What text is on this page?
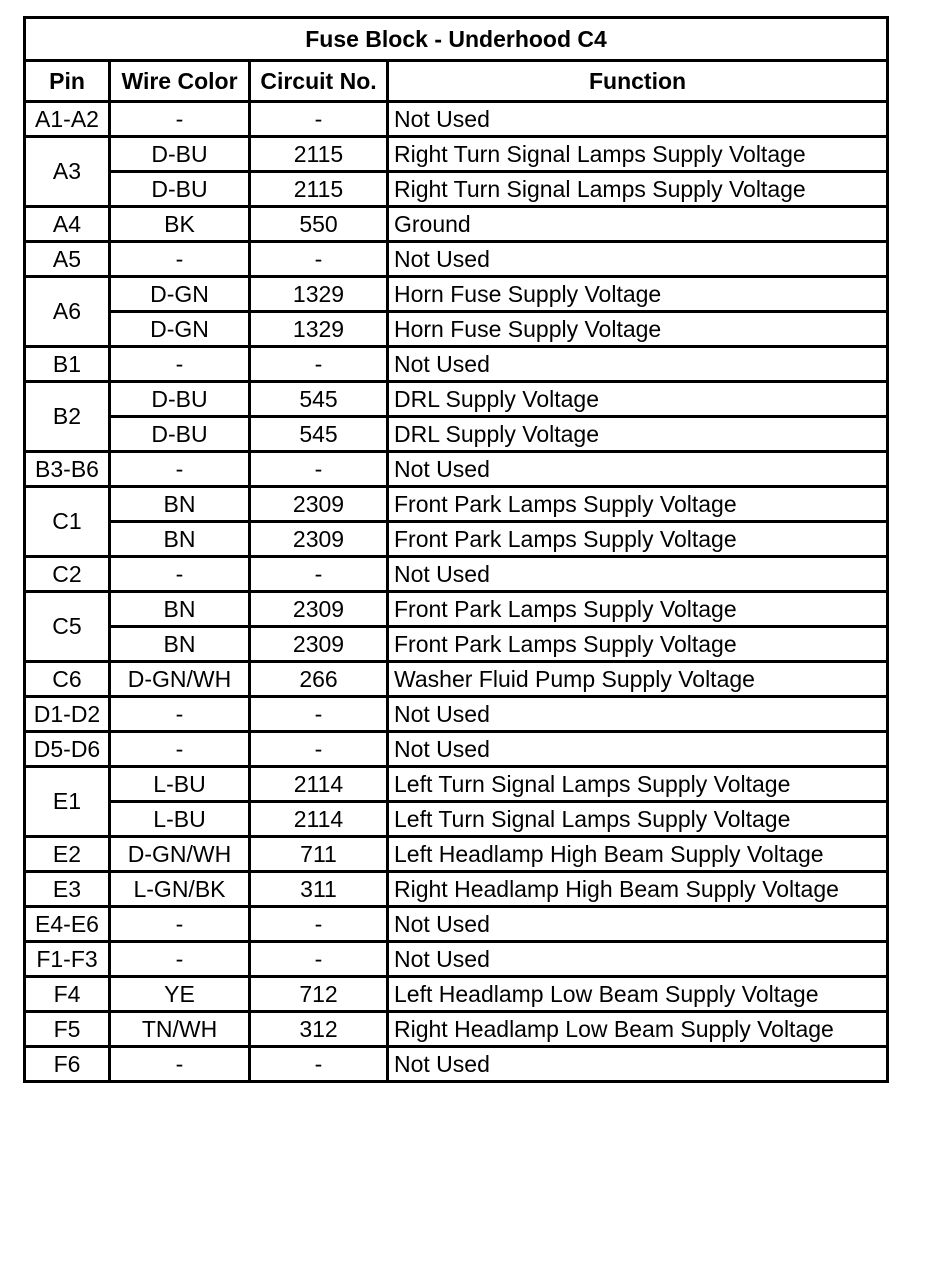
Fuse Block - Underhood C4			
Pin	Wire Color	Circuit No.	Function
A1-A2	-	-	Not Used
A3	D-BU	2115	Right Turn Signal Lamps Supply Voltage
	D-BU	2115	Right Turn Signal Lamps Supply Voltage
A4	BK	550	Ground
A5	-	-	Not Used
A6	D-GN	1329	Horn Fuse Supply Voltage
	D-GN	1329	Horn Fuse Supply Voltage
B1	-	-	Not Used
B2	D-BU	545	DRL Supply Voltage
	D-BU	545	DRL Supply Voltage
B3-B6	-	-	Not Used
C1	BN	2309	Front Park Lamps Supply Voltage
	BN	2309	Front Park Lamps Supply Voltage
C2	-	-	Not Used
C5	BN	2309	Front Park Lamps Supply Voltage
	BN	2309	Front Park Lamps Supply Voltage
C6	D-GN/WH	266	Washer Fluid Pump Supply Voltage
D1-D2	-	-	Not Used
D5-D6	-	-	Not Used
E1	L-BU	2114	Left Turn Signal Lamps Supply Voltage
	L-BU	2114	Left Turn Signal Lamps Supply Voltage
E2	D-GN/WH	711	Left Headlamp High Beam Supply Voltage
E3	L-GN/BK	311	Right Headlamp High Beam Supply Voltage
E4-E6	-	-	Not Used
F1-F3	-	-	Not Used
F4	YE	712	Left Headlamp Low Beam Supply Voltage
F5	TN/WH	312	Right Headlamp Low Beam Supply Voltage
F6	-	-	Not Used
